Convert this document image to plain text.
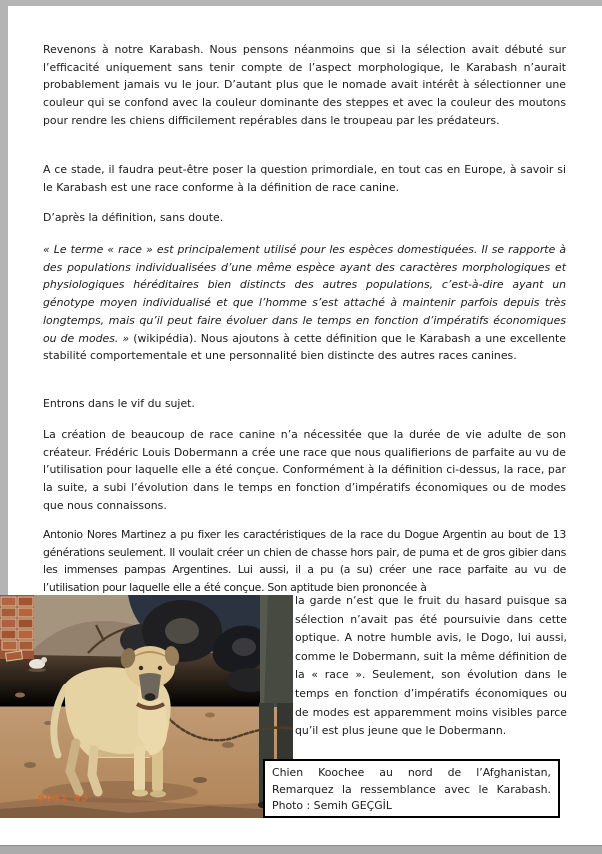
Revenons à notre Karabash. Nous pensons néanmoins que si la sélection avait débuté sur l’efficacité uniquement sans tenir compte de l’aspect morphologique, le Karabash n’aurait probablement jamais vu le jour. D’autant plus que le nomade avait intérêt à sélectionner une couleur qui se confond avec la couleur dominante des steppes et avec la couleur des moutons pour rendre les chiens difficilement repérables dans le troupeau par les prédateurs.

A ce stade, il faudra peut-être poser la question primordiale, en tout cas en Europe, à savoir si le Karabash est une race conforme à la définition de race canine.

D’après la définition, sans doute.

« Le terme « race » est principalement utilisé pour les espèces domestiquées. Il se rapporte à des populations individualisées d’une même espèce ayant des caractères morphologiques et physiologiques héréditaires bien distincts des autres populations, c’est-à-dire ayant un génotype moyen individualisé et que l’homme s’est attaché à maintenir parfois depuis très longtemps, mais qu’il peut faire évoluer dans le temps en fonction d’impératifs économiques ou de modes. » (wikipédia). Nous ajoutons à cette définition que le Karabash a une excellente stabilité comportementale et une personnalité bien distincte des autres races canines.

Entrons dans le vif du sujet.

La création de beaucoup de race canine n’a nécessitée que la durée de vie adulte de son créateur. Frédéric Louis Dobermann a crée une race que nous qualifierions de parfaite au vu de l’utilisation pour laquelle elle a été conçue. Conformément à la définition ci-dessus, la race, par la suite, a subi l’évolution dans le temps en fonction d’impératifs économiques ou de modes que nous connaissons.

Antonio Nores Martinez a pu fixer les caractéristiques de la race du Dogue Argentin au bout de 13 générations seulement. Il voulait créer un chien de chasse hors pair, de puma et de gros gibier dans les immenses pampas Argentines. Lui aussi, il a pu (a su) créer une race parfaite au vu de l’utilisation pour laquelle elle a été conçue. Son aptitude bien prononcée à

la garde n’est que le fruit du hasard puisque sa sélection n’avait pas été poursuivie dans cette optique. A notre humble avis, le Dogo, lui aussi, comme le Dobermann, suit la même définition de la « race ». Seulement, son évolution dans le temps en fonction d’impératifs économiques ou de modes est apparemment moins visibles parce qu’il est plus jeune que le Dobermann.

9081 05
Chien Koochee au nord de l’Afghanistan,
Remarquez la ressemblance avec le Karabash.
Photo : Semih GEÇGİL
